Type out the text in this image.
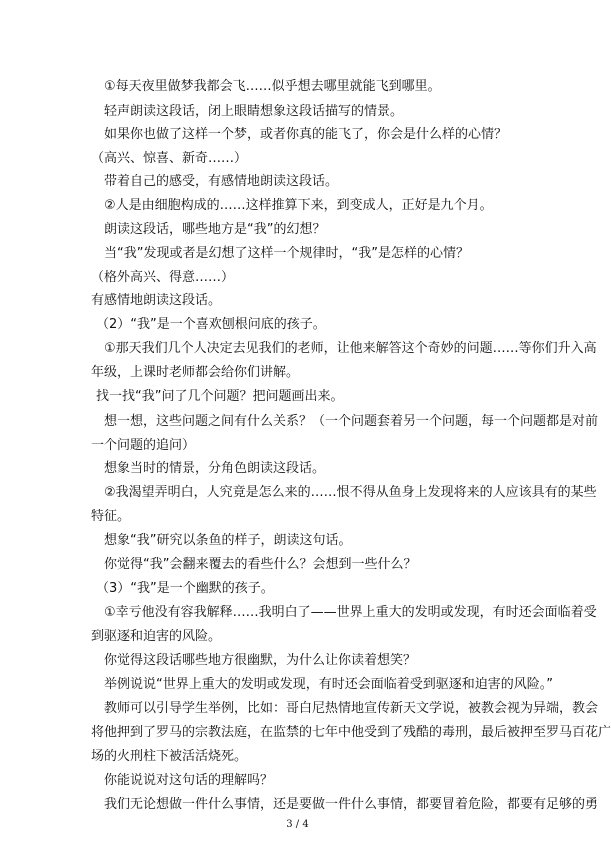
①每天夜里做梦我都会飞……似乎想去哪里就能飞到哪里。
轻声朗读这段话，闭上眼睛想象这段话描写的情景。
如果你也做了这样一个梦，或者你真的能飞了，你会是什么样的心情？
（高兴、惊喜、新奇……）
带着自己的感受，有感情地朗读这段话。
②人是由细胞构成的……这样推算下来，到变成人，正好是九个月。
朗读这段话，哪些地方是“我”的幻想？
当“我”发现或者是幻想了这样一个规律时，“我”是怎样的心情？
（格外高兴、得意……）
有感情地朗读这段话。
（2）“我”是一个喜欢刨根问底的孩子。
①那天我们几个人决定去见我们的老师，让他来解答这个奇妙的问题……等你们升入高
年级，上课时老师都会给你们讲解。
找一找“我”问了几个问题？把问题画出来。
想一想，这些问题之间有什么关系？（一个问题套着另一个问题，每一个问题都是对前
一个问题的追问）
想象当时的情景，分角色朗读这段话。
②我渴望弄明白，人究竟是怎么来的……恨不得从鱼身上发现将来的人应该具有的某些
特征。
想象“我”研究以条鱼的样子，朗读这句话。
你觉得“我”会翻来覆去的看些什么？会想到一些什么？
（3）“我”是一个幽默的孩子。
①幸亏他没有容我解释……我明白了——世界上重大的发明或发现，有时还会面临着受
到驱逐和迫害的风险。
你觉得这段话哪些地方很幽默，为什么让你读着想笑？
举例说说“世界上重大的发明或发现，有时还会面临着受到驱逐和迫害的风险。”
教师可以引导学生举例，比如：哥白尼热情地宣传新天文学说，被教会视为异端，教会
将他押到了罗马的宗教法庭，在监禁的七年中他受到了残酷的毒刑，最后被押至罗马百花广
场的火刑柱下被活活烧死。
你能说说对这句话的理解吗？
我们无论想做一件什么事情，还是要做一件什么事情，都要冒着危险，都要有足够的勇
3 / 4
